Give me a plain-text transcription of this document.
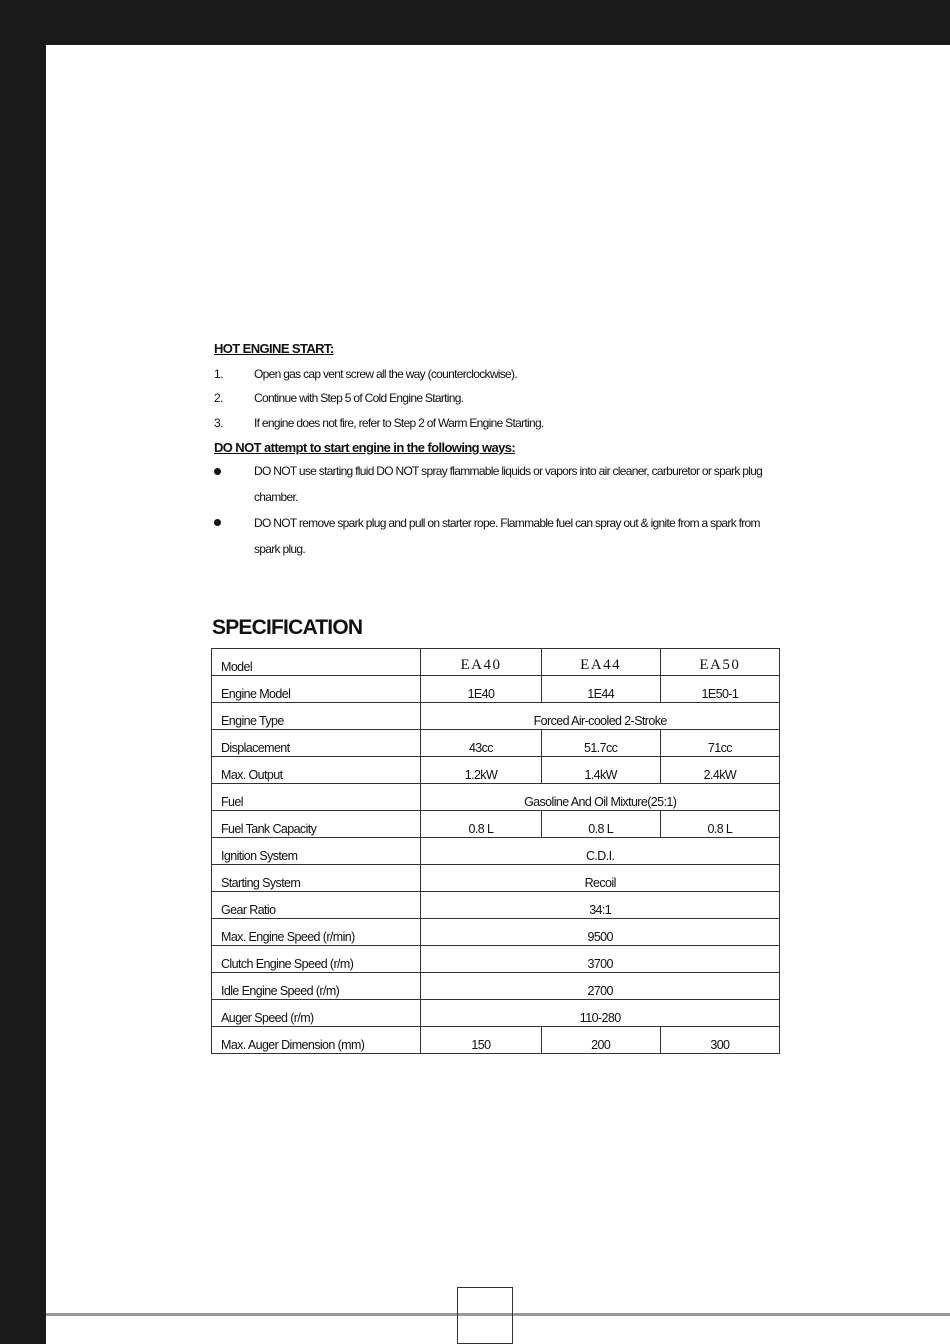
HOT ENGINE START:
1.	Open gas cap vent screw all the way (counterclockwise).
2.	Continue with Step 5 of Cold Engine Starting.
3.	If engine does not fire, refer to Step 2 of Warm Engine Starting.
DO NOT attempt to start engine in the following ways:
DO NOT use starting fluid DO NOT spray flammable liquids or vapors into air cleaner, carburetor or spark plug chamber.
DO NOT remove spark plug and pull on starter rope. Flammable fuel can spray out & ignite from a spark from spark plug.
SPECIFICATION
Model	EA40	EA44	EA50
Engine Model	1E40	1E44	1E50-1
Engine Type	Forced Air-cooled 2-Stroke		
Displacement	43cc	51.7cc	71cc
Max. Output	1.2kW	1.4kW	2.4kW
Fuel	Gasoline And Oil Mixture(25:1)		
Fuel Tank Capacity	0.8 L	0.8 L	0.8 L
Ignition System	C.D.I.		
Starting System	Recoil		
Gear Ratio	34:1		
Max. Engine Speed (r/min)	9500		
Clutch Engine Speed (r/m)	3700		
Idle Engine Speed (r/m)	2700		
Auger Speed (r/m)	110-280		
Max. Auger Dimension (mm)	150	200	300
